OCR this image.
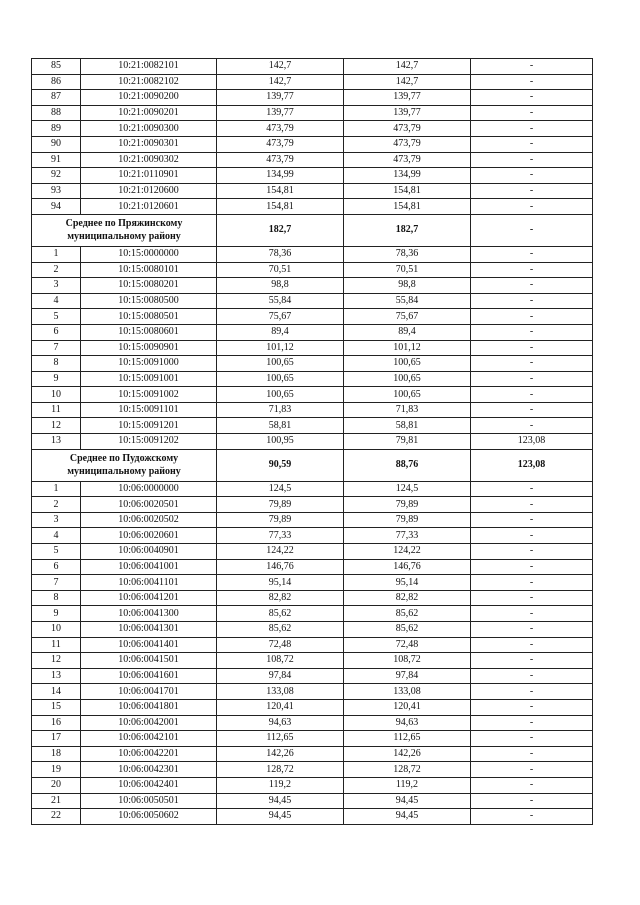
85	10:21:0082101	142,7	142,7	-
86	10:21:0082102	142,7	142,7	-
87	10:21:0090200	139,77	139,77	-
88	10:21:0090201	139,77	139,77	-
89	10:21:0090300	473,79	473,79	-
90	10:21:0090301	473,79	473,79	-
91	10:21:0090302	473,79	473,79	-
92	10:21:0110901	134,99	134,99	-
93	10:21:0120600	154,81	154,81	-
94	10:21:0120601	154,81	154,81	-
Среднее по Пряжинскому муниципальному району		182,7	182,7	-
1	10:15:0000000	78,36	78,36	-
2	10:15:0080101	70,51	70,51	-
3	10:15:0080201	98,8	98,8	-
4	10:15:0080500	55,84	55,84	-
5	10:15:0080501	75,67	75,67	-
6	10:15:0080601	89,4	89,4	-
7	10:15:0090901	101,12	101,12	-
8	10:15:0091000	100,65	100,65	-
9	10:15:0091001	100,65	100,65	-
10	10:15:0091002	100,65	100,65	-
11	10:15:0091101	71,83	71,83	-
12	10:15:0091201	58,81	58,81	-
13	10:15:0091202	100,95	79,81	123,08
Среднее по Пудожскому муниципальному району		90,59	88,76	123,08
1	10:06:0000000	124,5	124,5	-
2	10:06:0020501	79,89	79,89	-
3	10:06:0020502	79,89	79,89	-
4	10:06:0020601	77,33	77,33	-
5	10:06:0040901	124,22	124,22	-
6	10:06:0041001	146,76	146,76	-
7	10:06:0041101	95,14	95,14	-
8	10:06:0041201	82,82	82,82	-
9	10:06:0041300	85,62	85,62	-
10	10:06:0041301	85,62	85,62	-
11	10:06:0041401	72,48	72,48	-
12	10:06:0041501	108,72	108,72	-
13	10:06:0041601	97,84	97,84	-
14	10:06:0041701	133,08	133,08	-
15	10:06:0041801	120,41	120,41	-
16	10:06:0042001	94,63	94,63	-
17	10:06:0042101	112,65	112,65	-
18	10:06:0042201	142,26	142,26	-
19	10:06:0042301	128,72	128,72	-
20	10:06:0042401	119,2	119,2	-
21	10:06:0050501	94,45	94,45	-
22	10:06:0050602	94,45	94,45	-
